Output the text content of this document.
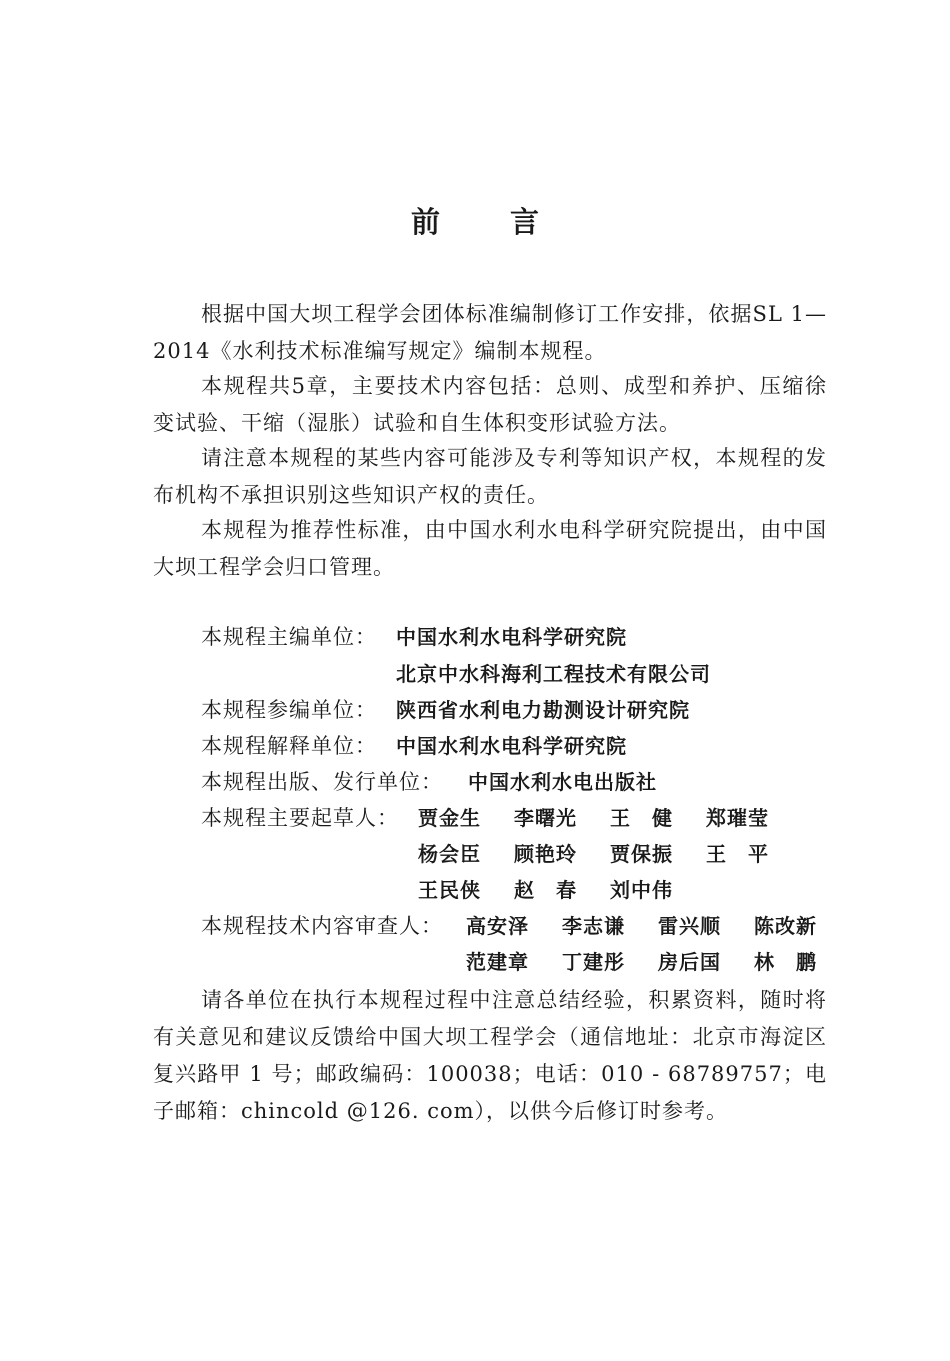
前 言
根据中国大坝工程学会团体标准编制修订工作安排，依据SL 1—2014《水利技术标准编写规定》编制本规程。
本规程共5章，主要技术内容包括：总则、成型和养护、压缩徐变试验、干缩（湿胀）试验和自生体积变形试验方法。
请注意本规程的某些内容可能涉及专利等知识产权，本规程的发布机构不承担识别这些知识产权的责任。
本规程为推荐性标准，由中国水利水电科学研究院提出，由中国大坝工程学会归口管理。
本规程主编单位： 中国水利水电科学研究院
北京中水科海利工程技术有限公司
本规程参编单位： 陕西省水利电力勘测设计研究院
本规程解释单位： 中国水利水电科学研究院
本规程出版、发行单位： 中国水利水电出版社
本规程主要起草人： 贾金生 李曙光 王　健 郑璀莹
杨会臣 顾艳玲 贾保振 王　平
王民侠 赵　春 刘中伟
本规程技术内容审查人： 高安泽 李志谦 雷兴顺 陈改新
范建章 丁建彤 房后国 林　鹏
请各单位在执行本规程过程中注意总结经验，积累资料，随时将有关意见和建议反馈给中国大坝工程学会（通信地址：北京市海淀区复兴路甲 1 号；邮政编码：100038；电话：010 - 68789757；电子邮箱：chincold @126. com），以供今后修订时参考。
